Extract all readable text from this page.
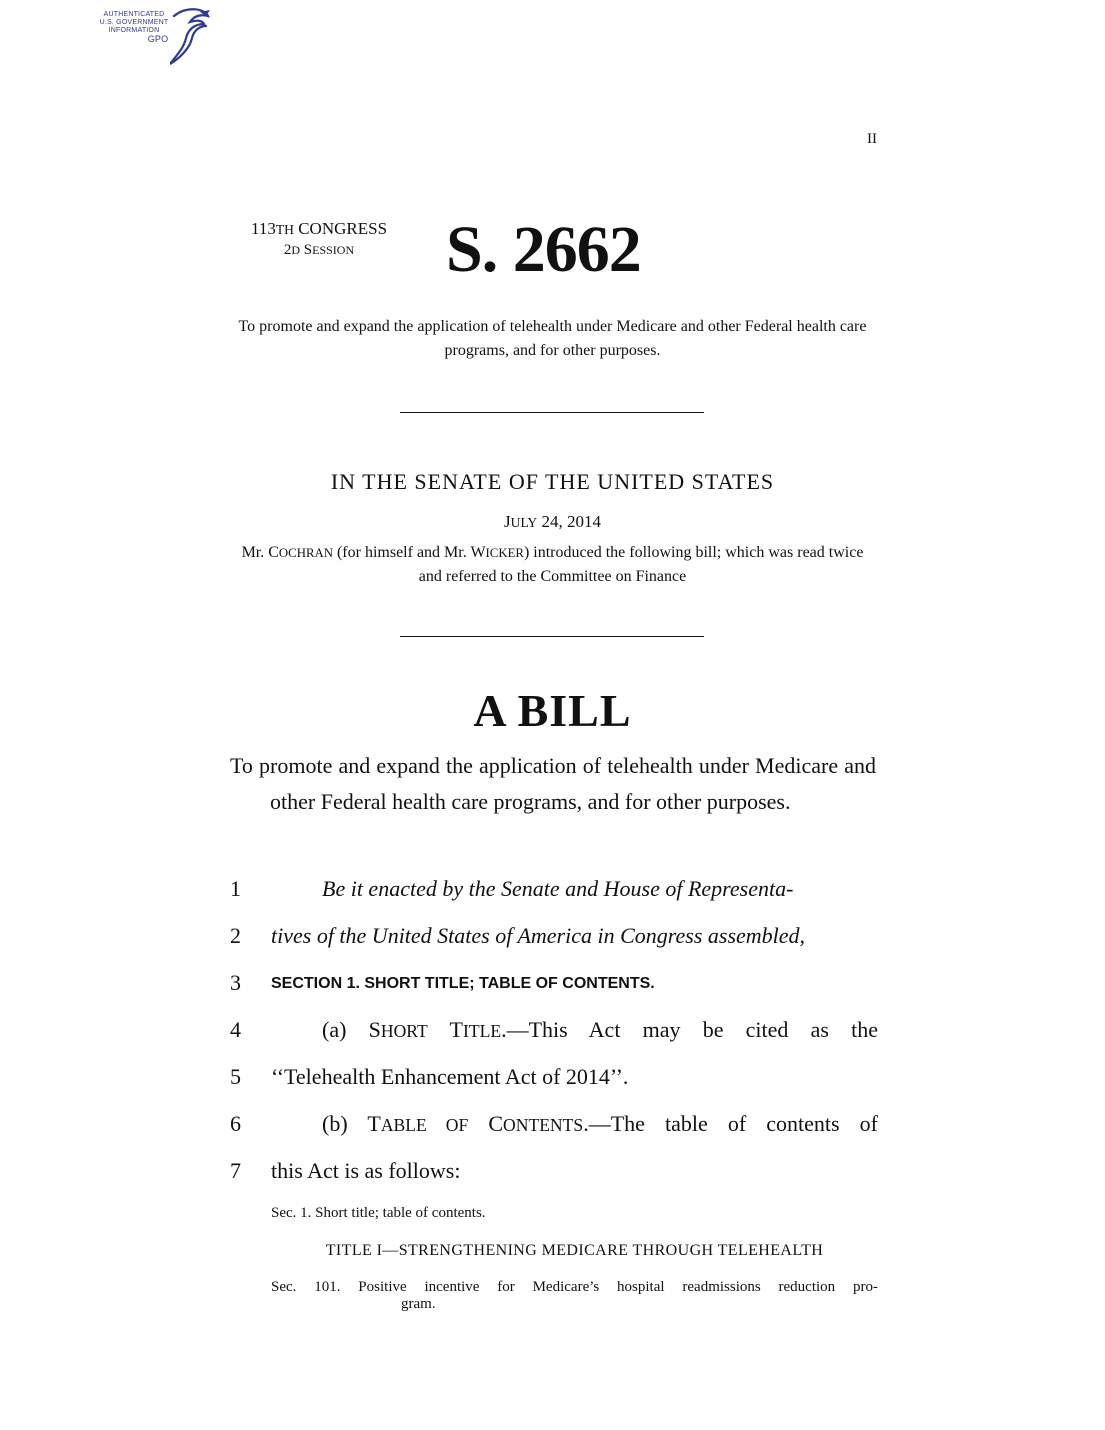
AUTHENTICATED
U.S. GOVERNMENT
INFORMATION
GPO
II
113TH CONGRESS
2D SESSION	S. 2662
To promote and expand the application of telehealth under Medicare and other Federal health care programs, and for other purposes.
IN THE SENATE OF THE UNITED STATES
JULY 24, 2014
Mr. COCHRAN (for himself and Mr. WICKER) introduced the following bill; which was read twice and referred to the Committee on Finance
A BILL
To promote and expand the application of telehealth under Medicare and other Federal health care programs, and for other purposes.
1	Be it enacted by the Senate and House of Representa-
2	tives of the United States of America in Congress assembled,
3	SECTION 1. SHORT TITLE; TABLE OF CONTENTS.
4	(a) SHORT TITLE.—This Act may be cited as the
5	‘‘Telehealth Enhancement Act of 2014’’.
6	(b) TABLE OF CONTENTS.—The table of contents of
7	this Act is as follows:
Sec. 1. Short title; table of contents.
TITLE I—STRENGTHENING MEDICARE THROUGH TELEHEALTH
Sec. 101. Positive incentive for Medicare’s hospital readmissions reduction pro-
gram.
